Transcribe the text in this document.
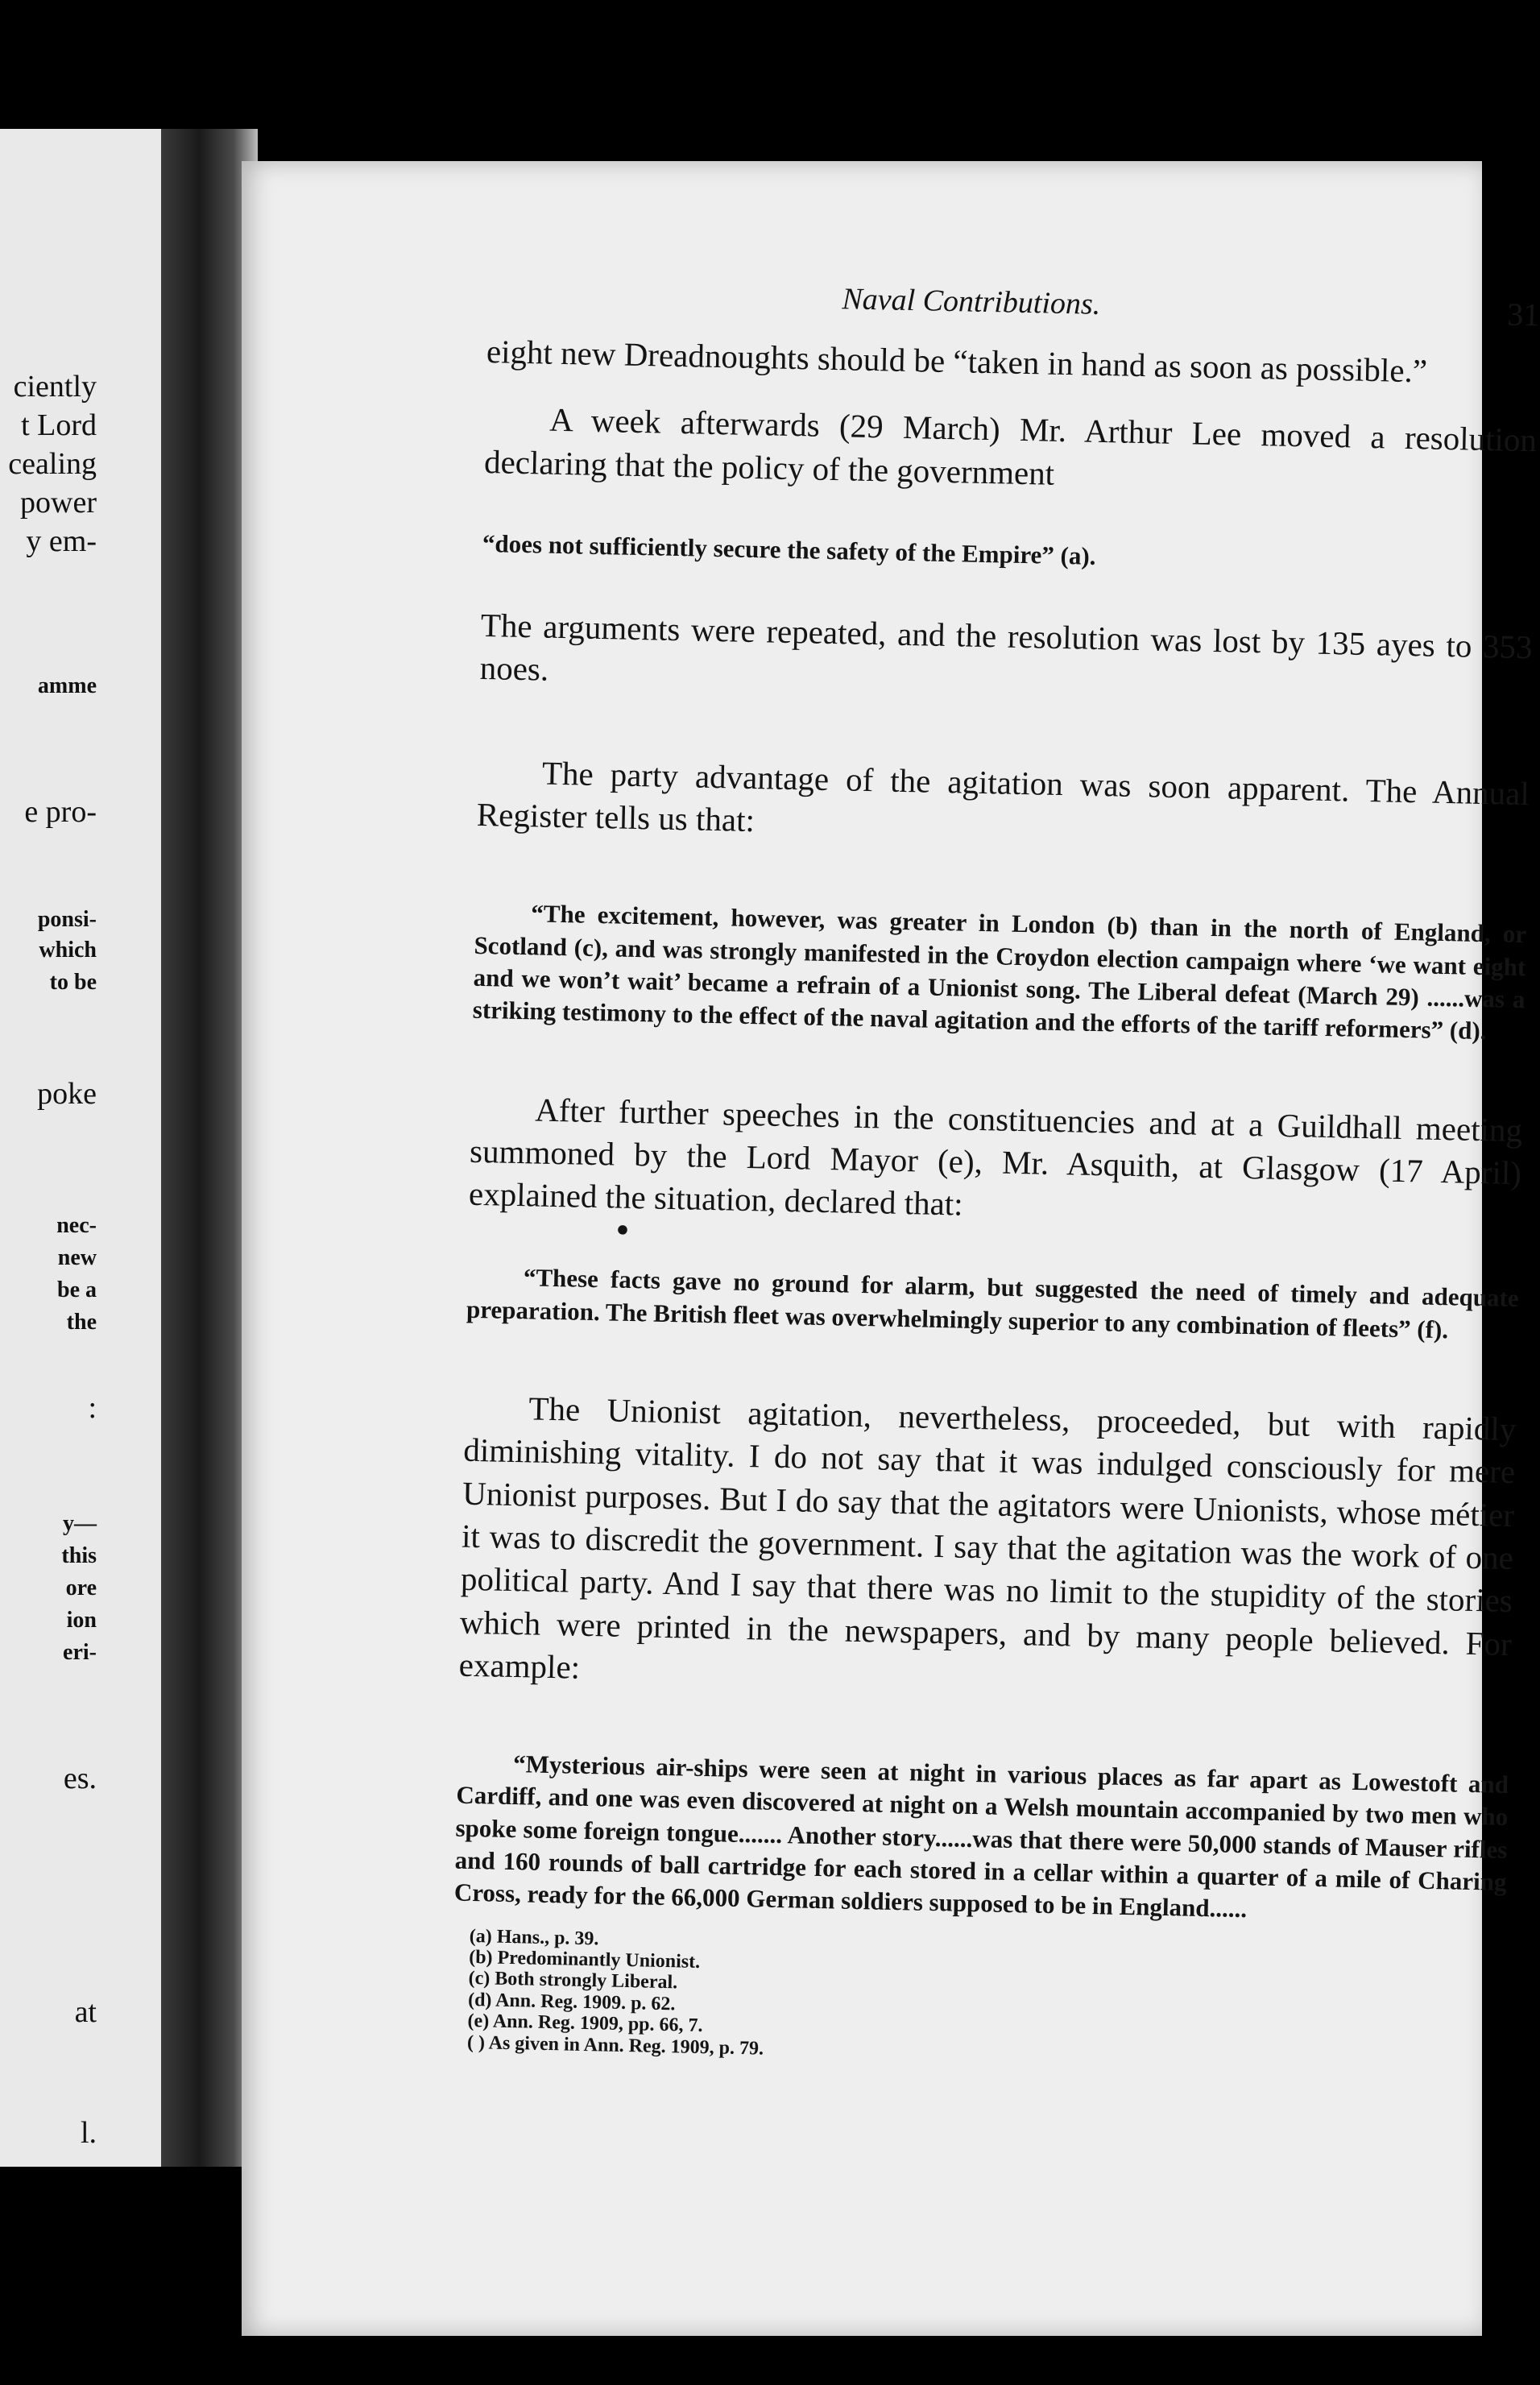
ciently
t Lord
cealing
power
y em-
amme
e pro-
ponsi-
which
to be
poke
nec-
new
be a
the
:
y—
this
ore
ion
eri-
es.
at
l.
Naval Contributions.	31

eight new Dreadnoughts should be “taken in hand as soon as possible.”

A week afterwards (29 March) Mr. Arthur Lee moved a resolution declaring that the policy of the government

“does not sufficiently secure the safety of the Empire” (a).

The arguments were repeated, and the resolution was lost by 135 ayes to 353 noes.

The party advantage of the agitation was soon apparent. The Annual Register tells us that:

“The excitement, however, was greater in London (b) than in the north of England, or Scotland (c), and was strongly manifested in the Croydon election campaign where ‘we want eight and we won’t wait’ became a refrain of a Unionist song. The Liberal defeat (March 29) ......was a striking testimony to the effect of the naval agitation and the efforts of the tariff reformers” (d).

After further speeches in the constituencies and at a Guildhall meeting summoned by the Lord Mayor (e), Mr. Asquith, at Glasgow (17 April) explained the situation, declared that:

•

“These facts gave no ground for alarm, but suggested the need of timely and adequate preparation. The British fleet was overwhelmingly superior to any combination of fleets” (f).

The Unionist agitation, nevertheless, proceeded, but with rapidly diminishing vitality. I do not say that it was indulged consciously for mere Unionist purposes. But I do say that the agitators were Unionists, whose métier it was to discredit the government. I say that the agitation was the work of one political party. And I say that there was no limit to the stupidity of the stories which were printed in the newspapers, and by many people believed. For example:

“Mysterious air-ships were seen at night in various places as far apart as Lowestoft and Cardiff, and one was even discovered at night on a Welsh mountain accompanied by two men who spoke some foreign tongue....... Another story......was that there were 50,000 stands of Mauser rifles and 160 rounds of ball cartridge for each stored in a cellar within a quarter of a mile of Charing Cross, ready for the 66,000 German soldiers supposed to be in England......

(a) Hans., p. 39.
(b) Predominantly Unionist.
(c) Both strongly Liberal.
(d) Ann. Reg. 1909. p. 62.
(e) Ann. Reg. 1909, pp. 66, 7.
( ) As given in Ann. Reg. 1909, p. 79.
